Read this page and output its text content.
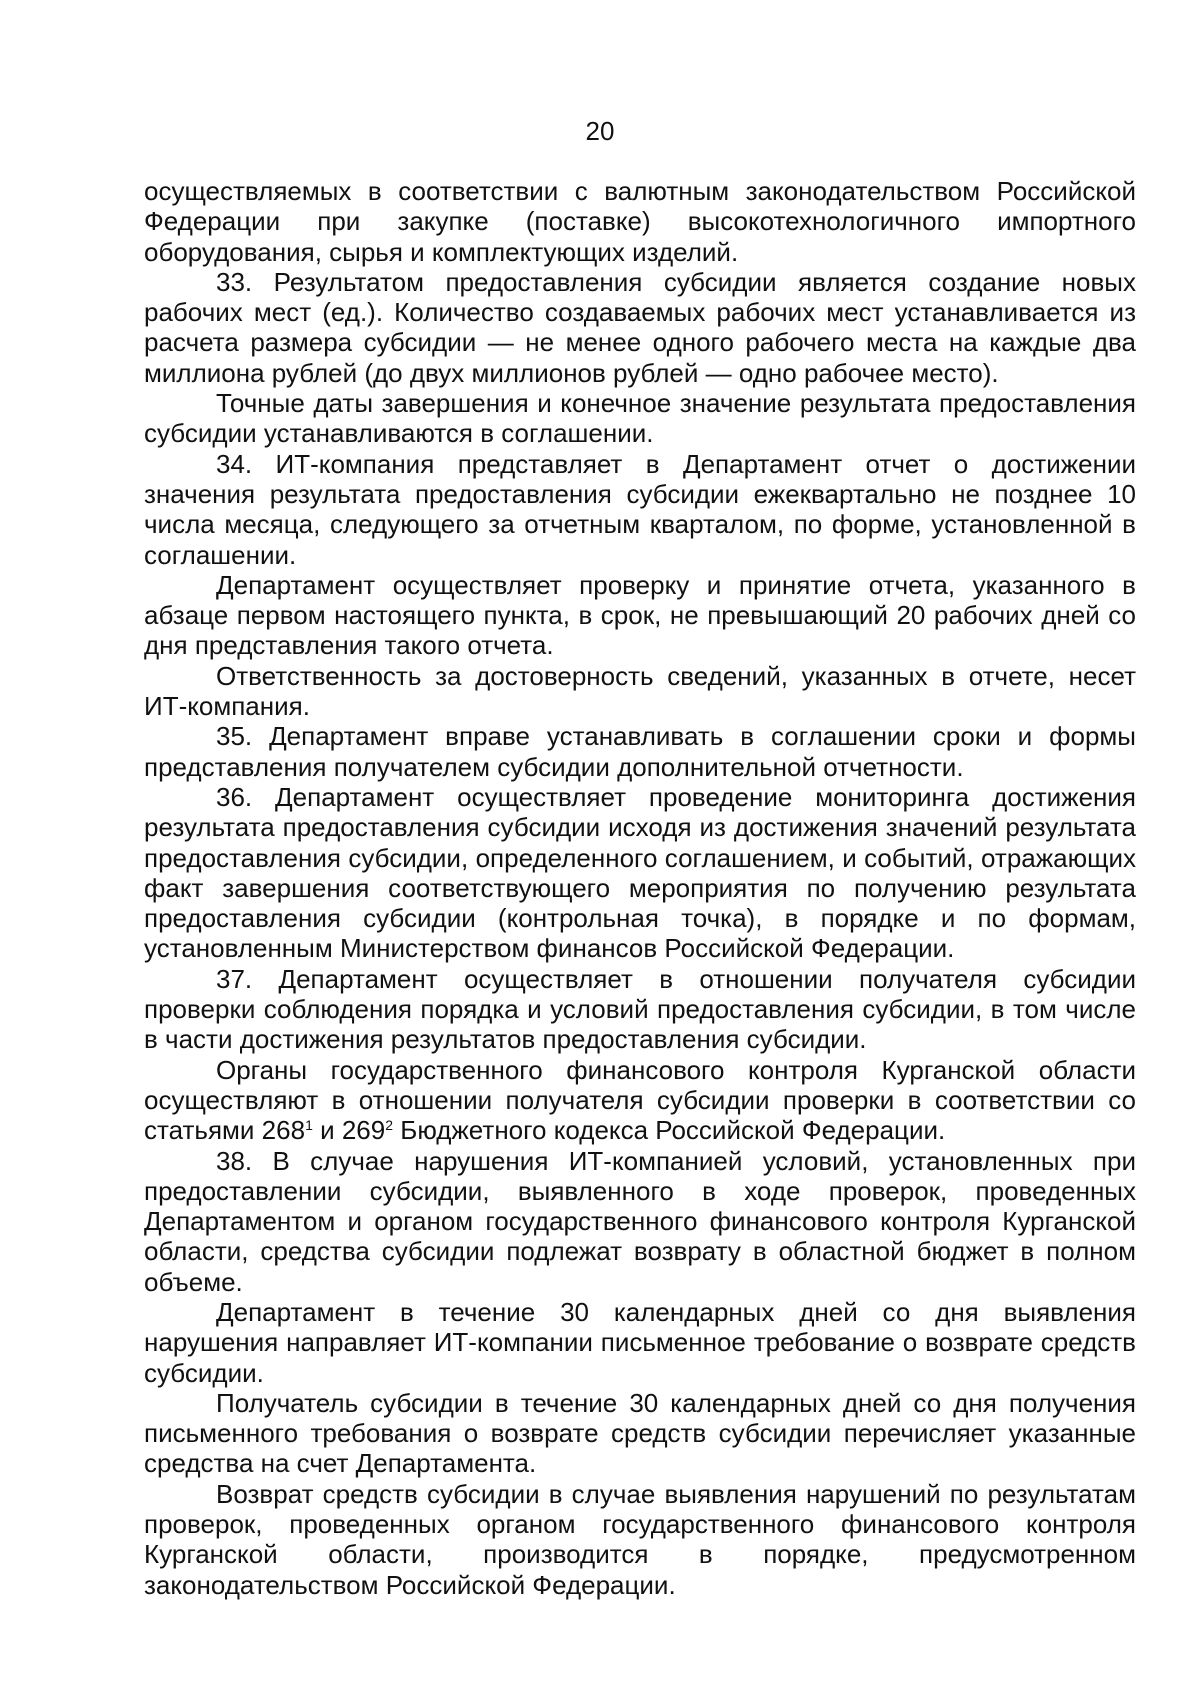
20

осуществляемых в соответствии с валютным законодательством Российской Федерации при закупке (поставке) высокотехнологичного импортного оборудования, сырья и комплектующих изделий.

33. Результатом предоставления субсидии является создание новых рабочих мест (ед.). Количество создаваемых рабочих мест устанавливается из расчета размера субсидии — не менее одного рабочего места на каждые два миллиона рублей (до двух миллионов рублей — одно рабочее место).

Точные даты завершения и конечное значение результата предоставления субсидии устанавливаются в соглашении.

34. ИТ-компания представляет в Департамент отчет о достижении значения результата предоставления субсидии ежеквартально не позднее 10 числа месяца, следующего за отчетным кварталом, по форме, установленной в соглашении.

Департамент осуществляет проверку и принятие отчета, указанного в абзаце первом настоящего пункта, в срок, не превышающий 20 рабочих дней со дня представления такого отчета.

Ответственность за достоверность сведений, указанных в отчете, несет ИТ-компания.

35. Департамент вправе устанавливать в соглашении сроки и формы представления получателем субсидии дополнительной отчетности.

36. Департамент осуществляет проведение мониторинга достижения результата предоставления субсидии исходя из достижения значений результата предоставления субсидии, определенного соглашением, и событий, отражающих факт завершения соответствующего мероприятия по получению результата предоставления субсидии (контрольная точка), в порядке и по формам, установленным Министерством финансов Российской Федерации.

37. Департамент осуществляет в отношении получателя субсидии проверки соблюдения порядка и условий предоставления субсидии, в том числе в части достижения результатов предоставления субсидии.

Органы государственного финансового контроля Курганской области осуществляют в отношении получателя субсидии проверки в соответствии со статьями $268^1$ и $269^2$ Бюджетного кодекса Российской Федерации.

38. В случае нарушения ИТ-компанией условий, установленных при предоставлении субсидии, выявленного в ходе проверок, проведенных Департаментом и органом государственного финансового контроля Курганской области, средства субсидии подлежат возврату в областной бюджет в полном объеме.

Департамент в течение 30 календарных дней со дня выявления нарушения направляет ИТ-компании письменное требование о возврате средств субсидии.

Получатель субсидии в течение 30 календарных дней со дня получения письменного требования о возврате средств субсидии перечисляет указанные средства на счет Департамента.

Возврат средств субсидии в случае выявления нарушений по результатам проверок, проведенных органом государственного финансового контроля Курганской области, производится в порядке, предусмотренном законодательством Российской Федерации.
